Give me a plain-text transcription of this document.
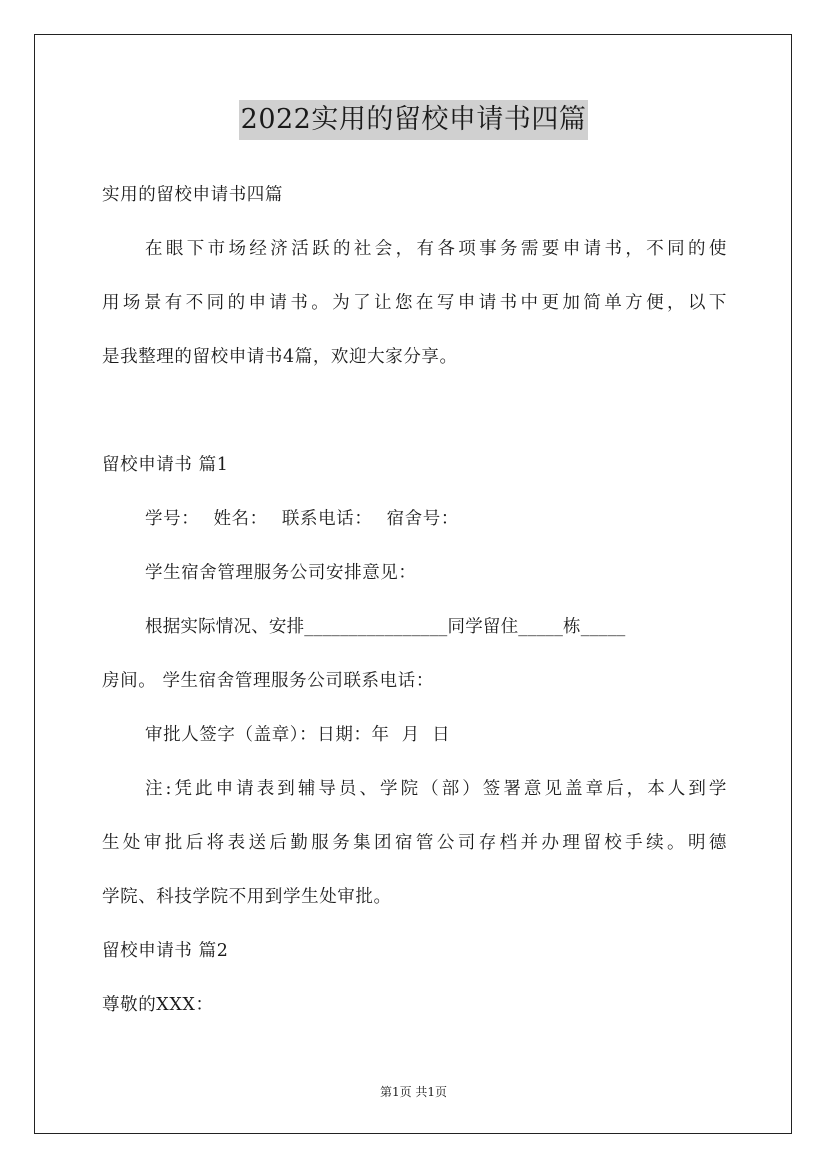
2022实用的留校申请书四篇
实用的留校申请书四篇
在眼下市场经济活跃的社会，有各项事务需要申请书，不同的使
用场景有不同的申请书。为了让您在写申请书中更加简单方便，以下
是我整理的留校申请书4篇，欢迎大家分享。
留校申请书 篇1
学号： 姓名： 联系电话： 宿舍号：
学生宿舍管理服务公司安排意见：
根据实际情况、安排________________同学留住_____栋_____
房间。 学生宿舍管理服务公司联系电话：
审批人签字（盖章）：日期：年 月 日
注:凭此申请表到辅导员、学院（部）签署意见盖章后，本人到学
生处审批后将表送后勤服务集团宿管公司存档并办理留校手续。明德
学院、科技学院不用到学生处审批。
留校申请书 篇2
尊敬的XXX：
第1页 共1页
